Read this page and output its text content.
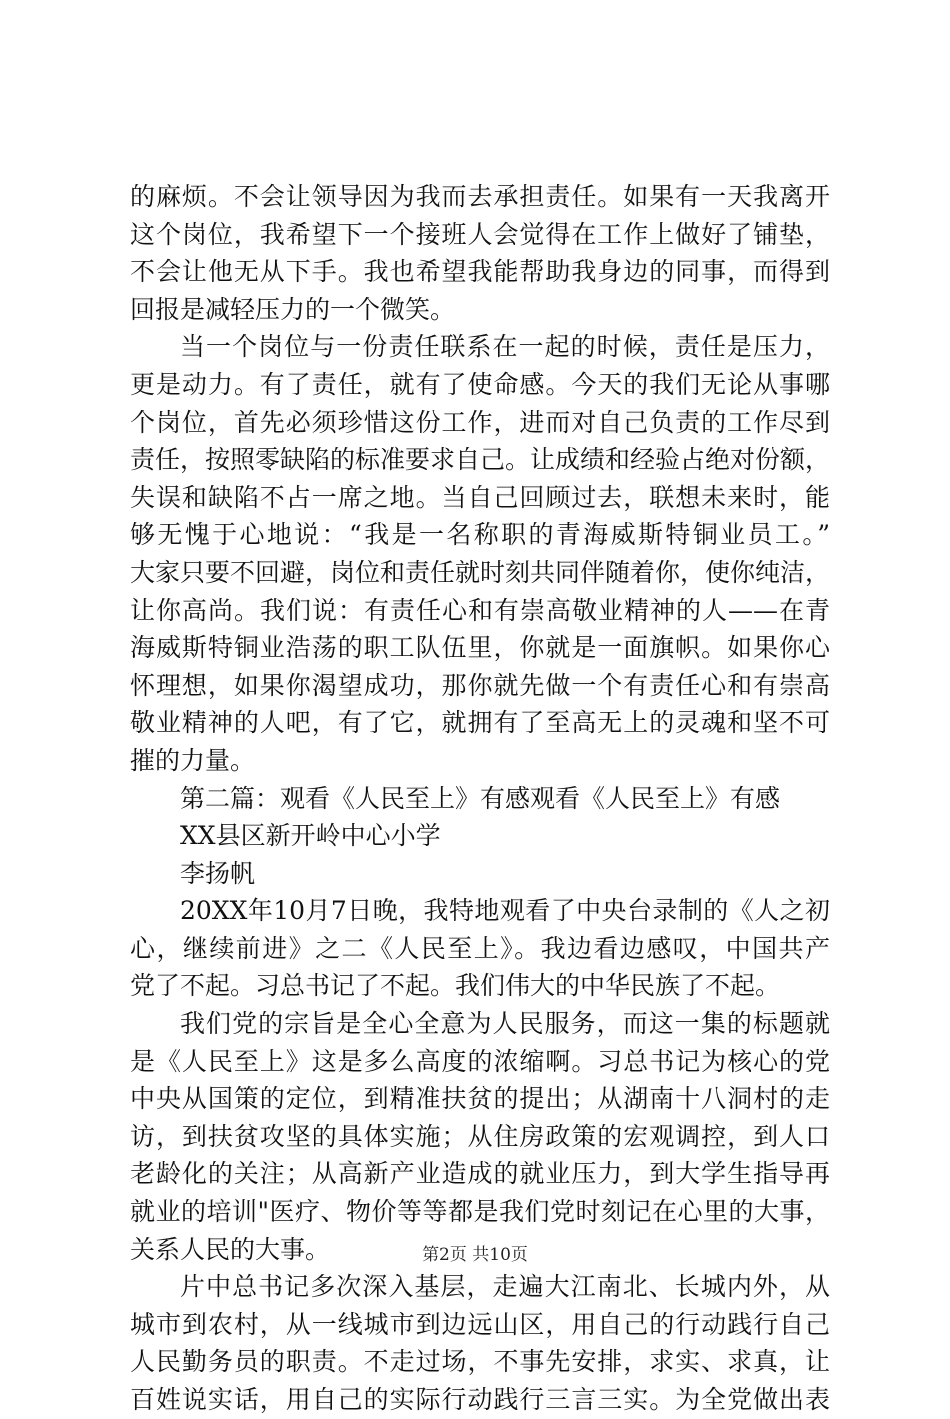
的麻烦。不会让领导因为我而去承担责任。如果有一天我离开
这个岗位，我希望下一个接班人会觉得在工作上做好了铺垫，
不会让他无从下手。我也希望我能帮助我身边的同事，而得到
回报是减轻压力的一个微笑。
当一个岗位与一份责任联系在一起的时候，责任是压力，
更是动力。有了责任，就有了使命感。今天的我们无论从事哪
个岗位，首先必须珍惜这份工作，进而对自己负责的工作尽到
责任，按照零缺陷的标准要求自己。让成绩和经验占绝对份额，
失误和缺陷不占一席之地。当自己回顾过去，联想未来时，能
够无愧于心地说：“我是一名称职的青海威斯特铜业员工。”
大家只要不回避，岗位和责任就时刻共同伴随着你，使你纯洁，
让你高尚。我们说：有责任心和有崇高敬业精神的人——在青
海威斯特铜业浩荡的职工队伍里，你就是一面旗帜。如果你心
怀理想，如果你渴望成功，那你就先做一个有责任心和有崇高
敬业精神的人吧，有了它，就拥有了至高无上的灵魂和坚不可
摧的力量。
第二篇：观看《人民至上》有感观看《人民至上》有感
XX县区新开岭中心小学
李扬帆
20XX年10月7日晚，我特地观看了中央台录制的《人之初
心，继续前进》之二《人民至上》。我边看边感叹，中国共产
党了不起。习总书记了不起。我们伟大的中华民族了不起。
我们党的宗旨是全心全意为人民服务，而这一集的标题就
是《人民至上》这是多么高度的浓缩啊。习总书记为核心的党
中央从国策的定位，到精准扶贫的提出；从湖南十八洞村的走
访，到扶贫攻坚的具体实施；从住房政策的宏观调控，到人口
老龄化的关注；从高新产业造成的就业压力，到大学生指导再
就业的培训"医疗、物价等等都是我们党时刻记在心里的大事，
关系人民的大事。
片中总书记多次深入基层，走遍大江南北、长城内外，从
城市到农村，从一线城市到边远山区，用自己的行动践行自己
人民勤务员的职责。不走过场，不事先安排，求实、求真，让
百姓说实话，用自己的实际行动践行三言三实。为全党做出表
第2页 共10页
